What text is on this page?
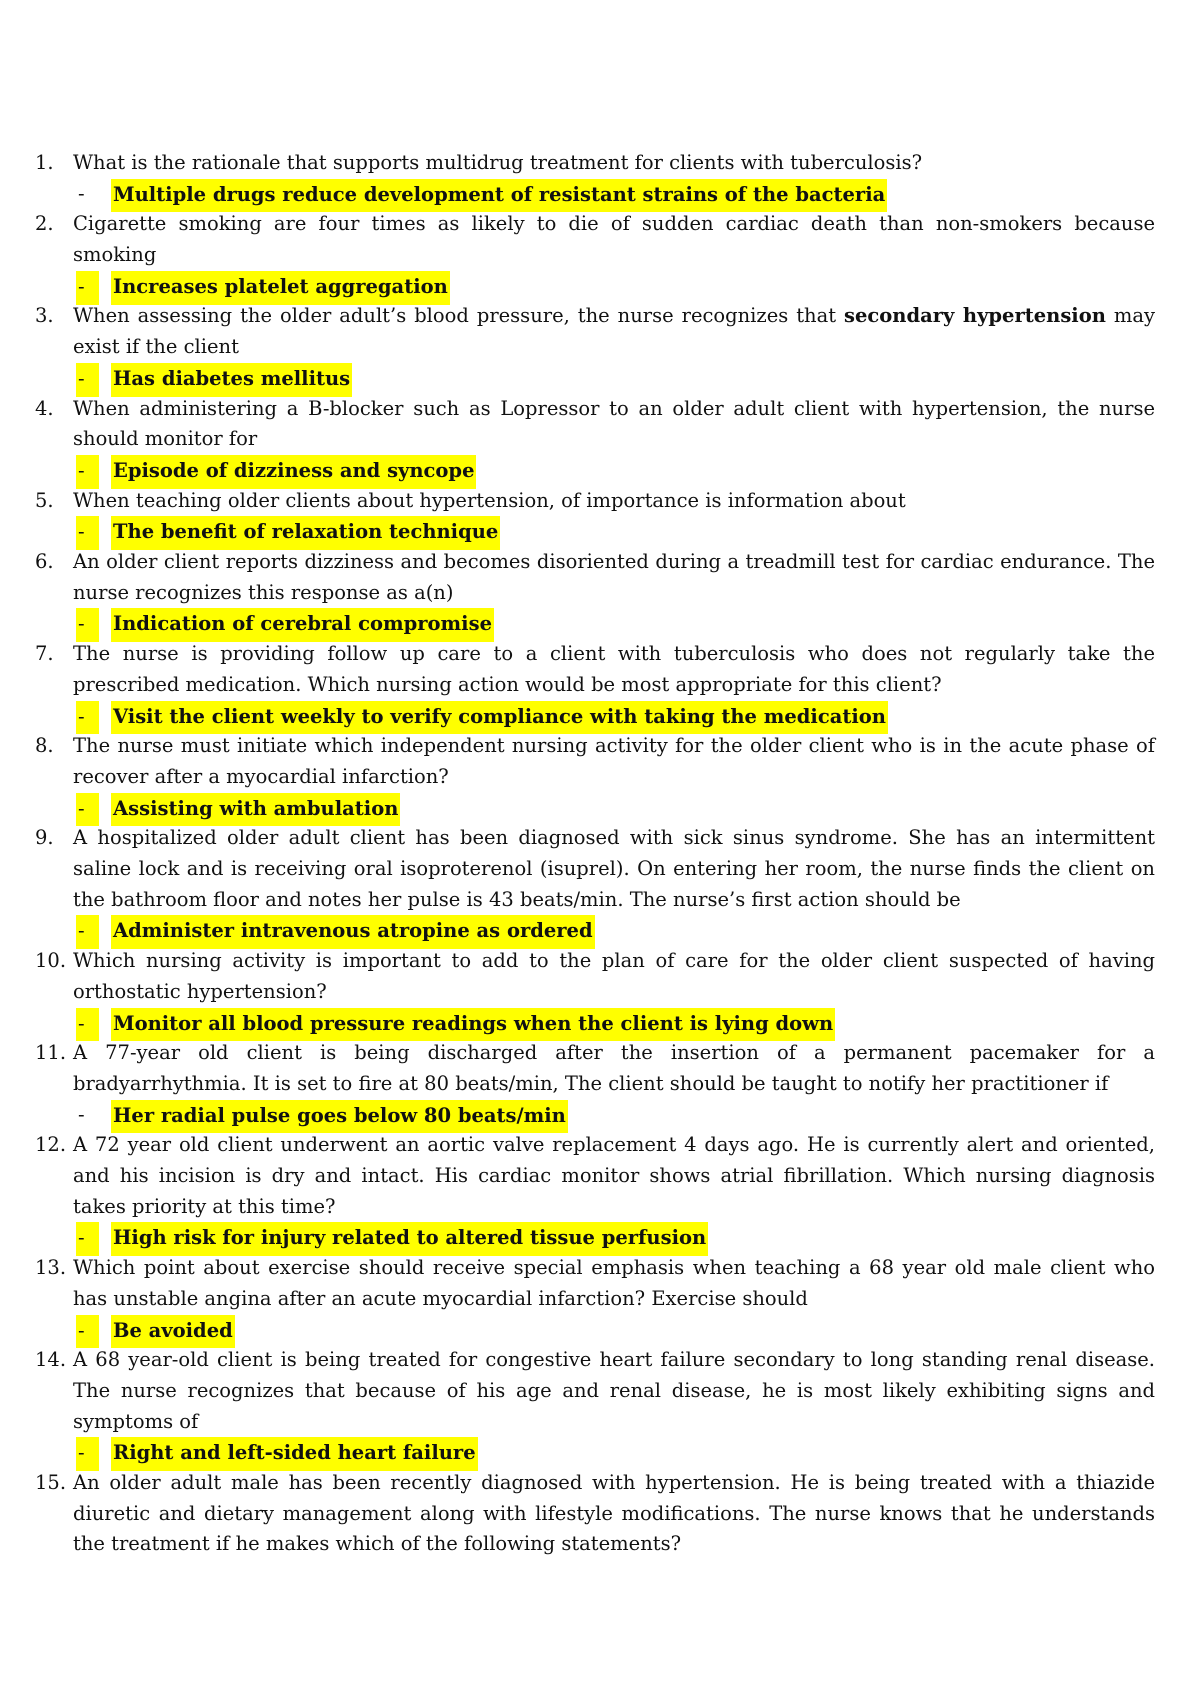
1. What is the rationale that supports multidrug treatment for clients with tuberculosis?

- Multiple drugs reduce development of resistant strains of the bacteria
2. Cigarette smoking are four times as likely to die of sudden cardiac death than non-smokers because smoking

-	Increases platelet aggregation
3. When assessing the older adult’s blood pressure, the nurse recognizes that secondary hypertension may exist if the client

-	Has diabetes mellitus
4. When administering a B-blocker such as Lopressor to an older adult client with hypertension, the nurse should monitor for

-	Episode of dizziness and syncope
5. When teaching older clients about hypertension, of importance is information about

-	The benefit of relaxation technique
6. An older client reports dizziness and becomes disoriented during a treadmill test for cardiac endurance. The nurse recognizes this response as a(n)

-	Indication of cerebral compromise
7. The nurse is providing follow up care to a client with tuberculosis who does not regularly take the prescribed medication. Which nursing action would be most appropriate for this client?

-	Visit the client weekly to verify compliance with taking the medication
8. The nurse must initiate which independent nursing activity for the older client who is in the acute phase of recover after a myocardial infarction?

-	Assisting with ambulation
9. A hospitalized older adult client has been diagnosed with sick sinus syndrome. She has an intermittent saline lock and is receiving oral isoproterenol (isuprel). On entering her room, the nurse finds the client on the bathroom floor and notes her pulse is 43 beats/min. The nurse’s first action should be

-	Administer intravenous atropine as ordered
10. Which nursing activity is important to add to the plan of care for the older client suspected of having orthostatic hypertension?

-	Monitor all blood pressure readings when the client is lying down
11. A 77-year old client is being discharged after the insertion of a permanent pacemaker for a bradyarrhythmia. It is set to fire at 80 beats/min, The client should be taught to notify her practitioner if

- Her radial pulse goes below 80 beats/min
12. A 72 year old client underwent an aortic valve replacement 4 days ago. He is currently alert and oriented, and his incision is dry and intact. His cardiac monitor shows atrial fibrillation. Which nursing diagnosis takes priority at this time?

-	High risk for injury related to altered tissue perfusion
13. Which point about exercise should receive special emphasis when teaching a 68 year old male client who has unstable angina after an acute myocardial infarction? Exercise should

-	Be avoided
14. A 68 year-old client is being treated for congestive heart failure secondary to long standing renal disease. The nurse recognizes that because of his age and renal disease, he is most likely exhibiting signs and symptoms of

-	Right and left-sided heart failure
15. An older adult male has been recently diagnosed with hypertension. He is being treated with a thiazide diuretic and dietary management along with lifestyle modifications. The nurse knows that he understands the treatment if he makes which of the following statements?
